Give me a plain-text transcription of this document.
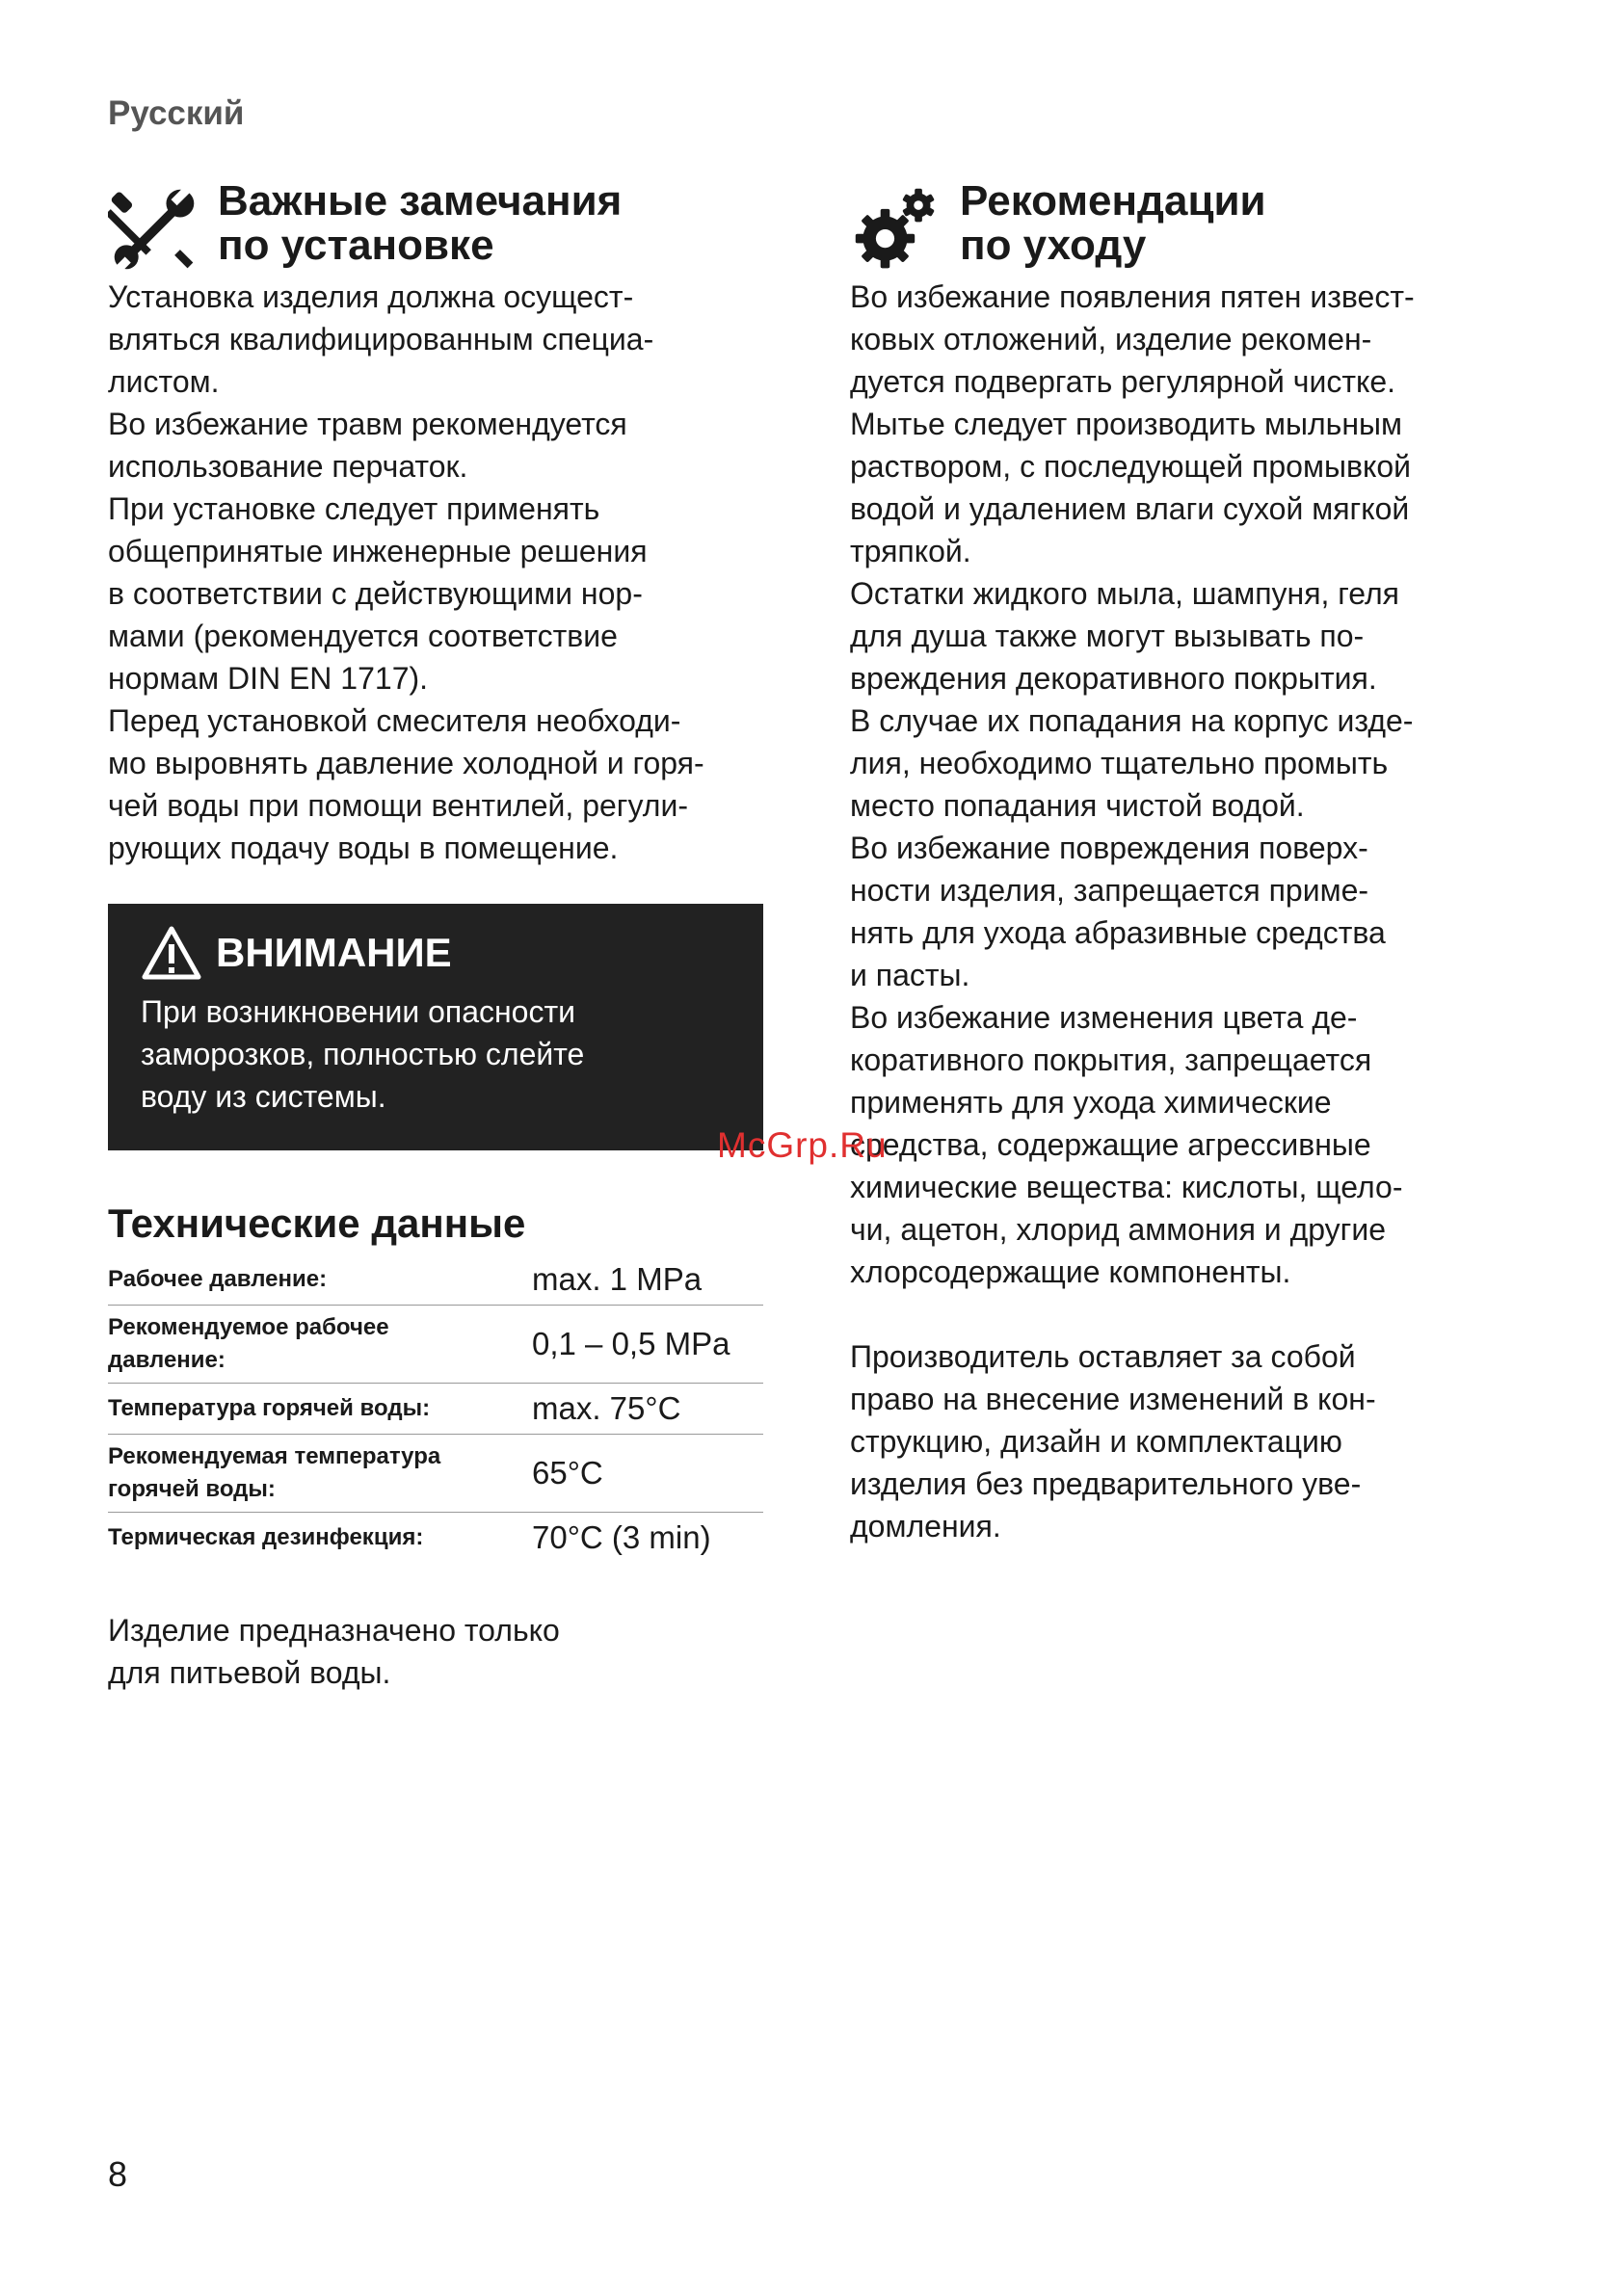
Русский
Важные замечания
по установке

Установка изделия должна осущест-
вляться квалифицированным специа-
листом.

Во избежание травм рекомендуется
использование перчаток.

При установке следует применять
общепринятые инженерные решения
в соответствии с действующими нор-
мами (рекомендуется соответствие
нормам DIN EN 1717).

Перед установкой смесителя необходи-
мо выровнять давление холодной и горя-
чей воды при помощи вентилей, регули-
рующих подачу воды в помещение.

ВНИМАНИЕ
При возникновении опасности
заморозков, полностью слейте
воду из системы.
Технические данные
Рабочее давление:	max. 1 MPa
Рекомендуемое рабочее
давление:	0,1 – 0,5 MPa
Температура горячей воды:	max. 75°C
Рекомендуемая температура
горячей воды:	65°C
Термическая дезинфекция:	70°C (3 min)
Изделие предназначено только
для питьевой воды.
Рекомендации
по уходу

Во избежание появления пятен извест-
ковых отложений, изделие рекомен-
дуется подвергать регулярной чистке.

Мытье следует производить мыльным
раствором, с последующей промывкой
водой и удалением влаги сухой мягкой
тряпкой.

Остатки жидкого мыла, шампуня, геля
для душа также могут вызывать по-
вреждения декоративного покрытия.

В случае их попадания на корпус изде-
лия, необходимо тщательно промыть
место попадания чистой водой.

Во избежание повреждения поверх-
ности изделия, запрещается приме-
нять для ухода абразивные средства
и пасты.

Во избежание изменения цвета де-
коративного покрытия, запрещается
применять для ухода химические
средства, содержащие агрессивные
химические вещества: кислоты, щело-
чи, ацетон, хлорид аммония и другие
хлорсодержащие компоненты.

Производитель оставляет за собой
право на внесение изменений в кон-
струкцию, дизайн и комплектацию
изделия без предварительного уве-
домления.

McGrp.Ru
8
